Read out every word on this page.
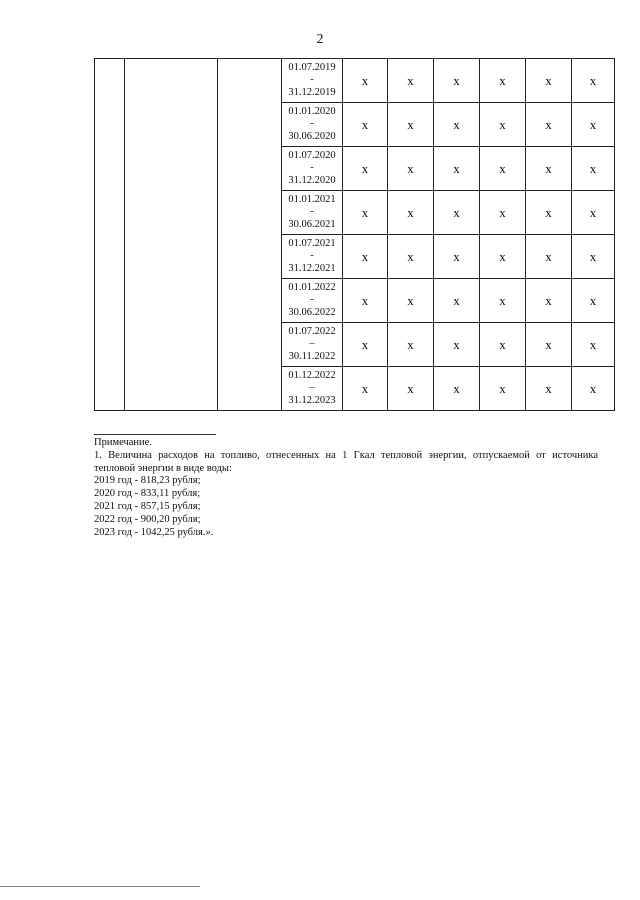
2

			01.07.2019
-
31.12.2019	х	х	х	х	х	х

			01.01.2020
-
30.06.2020	х	х	х	х	х	х

			01.07.2020
-
31.12.2020	х	х	х	х	х	х

			01.01.2021
-
30.06.2021	х	х	х	х	х	х

			01.07.2021
-
31.12.2021	х	х	х	х	х	х

			01.01.2022
-
30.06.2022	х	х	х	х	х	х

			01.07.2022
–
30.11.2022	х	х	х	х	х	х

			01.12.2022
–
31.12.2023	х	х	х	х	х	х
Примечание.
1. Величина расходов на топливо, отнесенных на 1 Гкал тепловой энергии, отпускаемой от источника
тепловой энергии в виде воды:
2019 год - 818,23 рубля;
2020 год - 833,11 рубля;
2021 год - 857,15 рубля;
2022 год - 900,20 рубля;
2023 год - 1042,25 рубля.».
